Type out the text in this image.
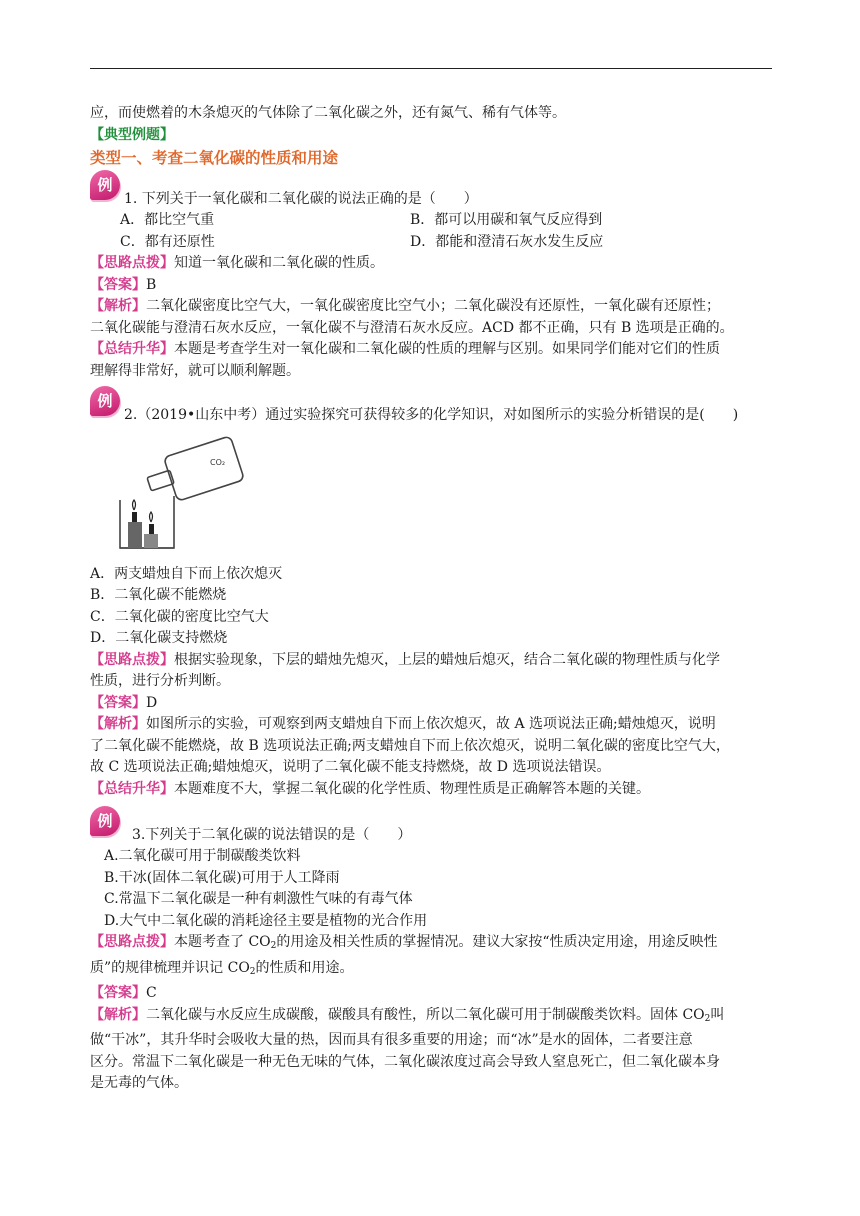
应，而使燃着的木条熄灭的气体除了二氧化碳之外，还有氮气、稀有气体等。

【典型例题】

类型一、考查二氧化碳的性质和用途

例
1. 下列关于一氧化碳和二氧化碳的说法正确的是（　　）
A．都比空气重	B．都可以用碳和氧气反应得到
C．都有还原性	D．都能和澄清石灰水发生反应

【思路点拨】知道一氧化碳和二氧化碳的性质。

【答案】B

【解析】二氧化碳密度比空气大，一氧化碳密度比空气小；二氧化碳没有还原性，一氧化碳有还原性；

二氧化碳能与澄清石灰水反应，一氧化碳不与澄清石灰水反应。ACD 都不正确，只有 B 选项是正确的。

【总结升华】本题是考查学生对一氧化碳和二氧化碳的性质的理解与区别。如果同学们能对它们的性质

理解得非常好，就可以顺利解题。

例
2.（2019•山东中考）通过实验探究可获得较多的化学知识，对如图所示的实验分析错误的是(　　)
CO₂

A．两支蜡烛自下而上依次熄灭

B．二氧化碳不能燃烧

C．二氧化碳的密度比空气大

D．二氧化碳支持燃烧

【思路点拨】根据实验现象，下层的蜡烛先熄灭，上层的蜡烛后熄灭，结合二氧化碳的物理性质与化学

性质，进行分析判断。

【答案】D

【解析】如图所示的实验，可观察到两支蜡烛自下而上依次熄灭，故 A 选项说法正确;蜡烛熄灭，说明

了二氧化碳不能燃烧，故 B 选项说法正确;两支蜡烛自下而上依次熄灭，说明二氧化碳的密度比空气大，

故 C 选项说法正确;蜡烛熄灭，说明了二氧化碳不能支持燃烧，故 D 选项说法错误。

【总结升华】本题难度不大，掌握二氧化碳的化学性质、物理性质是正确解答本题的关键。

例
3.下列关于二氧化碳的说法错误的是（　　）

A.二氧化碳可用于制碳酸类饮料

B.干冰(固体二氧化碳)可用于人工降雨

C.常温下二氧化碳是一种有刺激性气味的有毒气体

D.大气中二氧化碳的消耗途径主要是植物的光合作用

【思路点拨】本题考查了 $CO_2$的用途及相关性质的掌握情况。建议大家按“性质决定用途，用途反映性

质”的规律梳理并识记 $CO_2$的性质和用途。

【答案】C

【解析】二氧化碳与水反应生成碳酸，碳酸具有酸性，所以二氧化碳可用于制碳酸类饮料。固体 $CO_2$叫

做“干冰”，其升华时会吸收大量的热，因而具有很多重要的用途；而“冰”是水的固体，二者要注意

区分。常温下二氧化碳是一种无色无味的气体，二氧化碳浓度过高会导致人窒息死亡，但二氧化碳本身

是无毒的气体。
